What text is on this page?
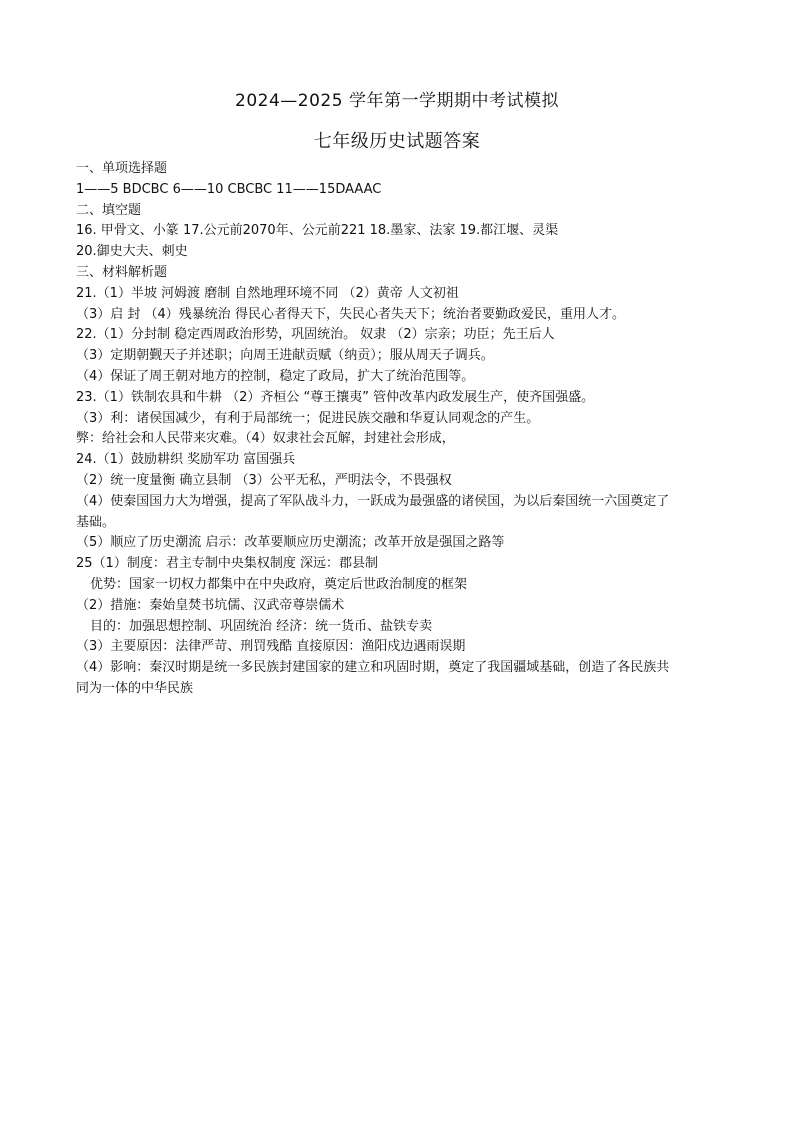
2024—2025 学年第一学期期中考试模拟
七年级历史试题答案
一、单项选择题
1——5 BDCBC 6——10 CBCBC 11——15DAAAC
二、填空题
16. 甲骨文、小篆 17.公元前2070年、公元前221 18.墨家、法家 19.都江堰、灵渠
20.御史大夫、刺史
三、材料解析题
21.（1）半坡 河姆渡 磨制 自然地理环境不同 （2）黄帝 人文初祖
（3）启 封 （4）残暴统治 得民心者得天下，失民心者失天下；统治者要勤政爱民，重用人才。
22.（1）分封制 稳定西周政治形势，巩固统治。 奴隶 （2）宗亲；功臣；先王后人
（3）定期朝觐天子并述职；向周王进献贡赋（纳贡）；服从周天子调兵。
（4）保证了周王朝对地方的控制，稳定了政局，扩大了统治范围等。
23.（1）铁制农具和牛耕 （2）齐桓公 “尊王攘夷” 管仲改革内政发展生产，使齐国强盛。
（3）利：诸侯国减少，有利于局部统一；促进民族交融和华夏认同观念的产生。
弊：给社会和人民带来灾难。（4）奴隶社会瓦解，封建社会形成，
24.（1）鼓励耕织 奖励军功 富国强兵
（2）统一度量衡 确立县制 （3）公平无私，严明法令，不畏强权
（4）使秦国国力大为增强，提高了军队战斗力，一跃成为最强盛的诸侯国，为以后秦国统一六国奠定了
基础。
（5）顺应了历史潮流 启示：改革要顺应历史潮流；改革开放是强国之路等
25（1）制度：君主专制中央集权制度 深远：郡县制
优势：国家一切权力都集中在中央政府，奠定后世政治制度的框架
（2）措施：秦始皇焚书坑儒、汉武帝尊崇儒术
目的：加强思想控制、巩固统治 经济：统一货币、盐铁专卖
（3）主要原因：法律严苛、刑罚残酷 直接原因：渔阳戍边遇雨误期
（4）影响：秦汉时期是统一多民族封建国家的建立和巩固时期，奠定了我国疆域基础，创造了各民族共
同为一体的中华民族
